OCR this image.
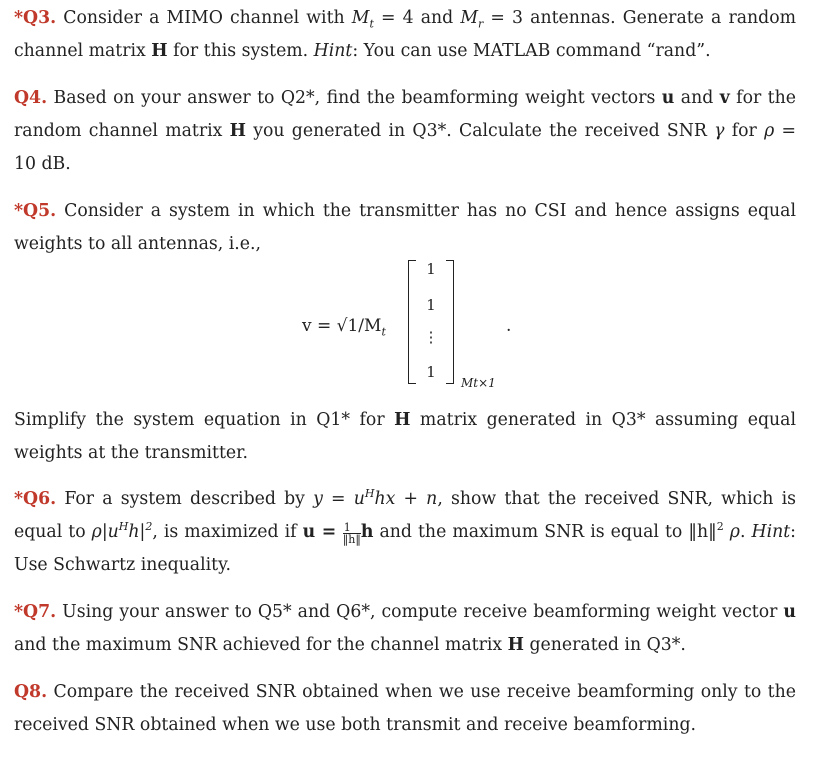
*Q3. Consider a MIMO channel with $M_t = 4$ and $M_r = 3$ antennas. Generate a random channel matrix H for this system. Hint: You can use MATLAB command “rand”.
Q4. Based on your answer to Q2*, find the beamforming weight vectors u and v for the random channel matrix H you generated in Q3*. Calculate the received SNR γ for ρ = 10 dB.
*Q5. Consider a system in which the transmitter has no CSI and hence assigns equal weights to all antennas, i.e.,
$v = √1/M_t$
1
1
⋮
1
Mt×1
.
Simplify the system equation in Q1* for H matrix generated in Q3* assuming equal weights at the transmitter.
*Q6. For a system described by $y = u^Hhx + n$, show that the received SNR, which is equal to $\rho|u^Hh|^2$, is maximized if $u = \frac{1}{‖h‖}$ h and the maximum SNR is equal to ‖h‖$^2$ ρ. Hint: Use Schwartz inequality.
*Q7. Using your answer to Q5* and Q6*, compute receive beamforming weight vector u and the maximum SNR achieved for the channel matrix H generated in Q3*.
Q8. Compare the received SNR obtained when we use receive beamforming only to the received SNR obtained when we use both transmit and receive beamforming.
